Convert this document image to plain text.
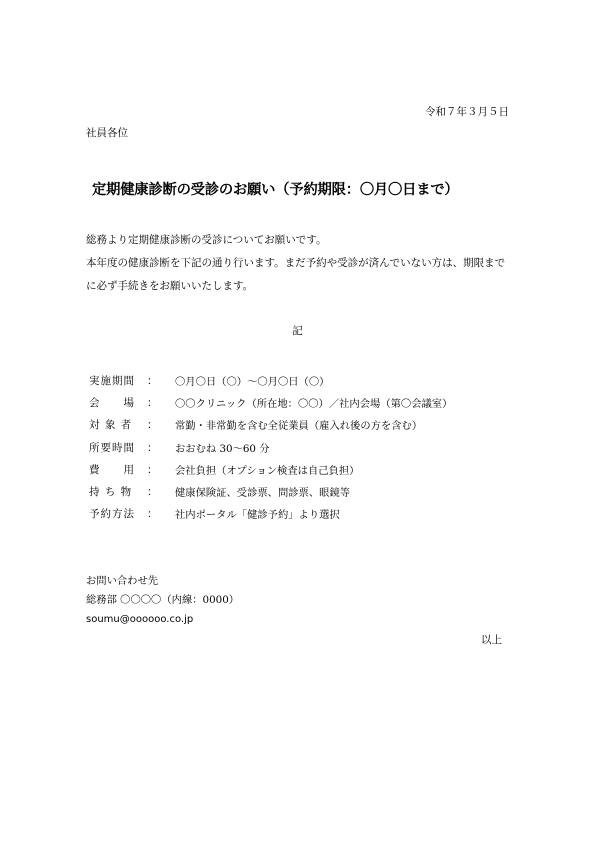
令和７年３月５日
社員各位
定期健康診断の受診のお願い（予約期限：〇月〇日まで）

総務より定期健康診断の受診についてお願いです。

本年度の健康診断を下記の通り行います。まだ予約や受診が済んでいない方は、期限までに必ず手続きをお願いいたします。

記
実施期間	：	〇月〇日（〇）～〇月〇日（〇）
会　　場	：	〇〇クリニック（所在地：〇〇）／社内会場（第〇会議室）
対 象 者	：	常勤・非常勤を含む全従業員（雇入れ後の方を含む）
所要時間	：	おおむね 30～60 分
費　　用	：	会社負担（オプション検査は自己負担）
持 ち 物	：	健康保険証、受診票、問診票、眼鏡等
予約方法	：	社内ポータル「健診予約」より選択
お問い合わせ先
総務部 〇〇〇〇（内線：0000）
soumu@oooooo.co.jp
以上
